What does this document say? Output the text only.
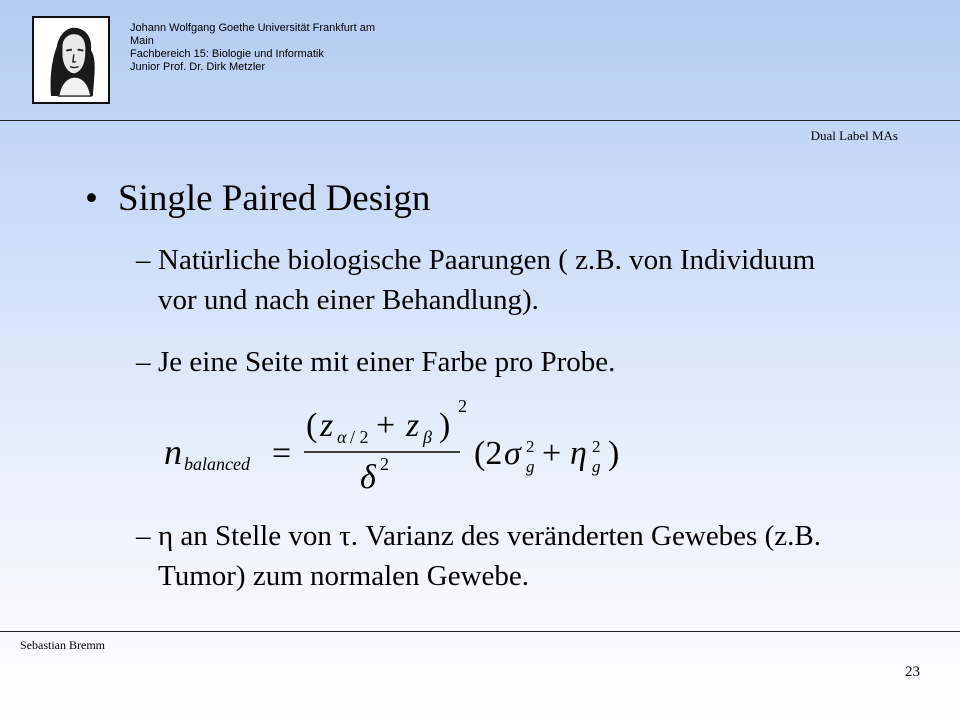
Johann Wolfgang Goethe Universität Frankfurt am
Main
Fachbereich 15: Biologie und Informatik
Junior Prof. Dr. Dirk Metzler
Dual Label MAs
• Single Paired Design
– Natürliche biologische Paarungen ( z.B. von Individuum vor und nach einer Behandlung).
– Je eine Seite mit einer Farbe pro Probe.
n balanced =
( z α / 2 + z β )
2
δ 2	(2 σ 2
g + η 2
g )
– η an Stelle von τ. Varianz des veränderten Gewebes (z.B. Tumor) zum normalen Gewebe.
Sebastian Bremm
23
